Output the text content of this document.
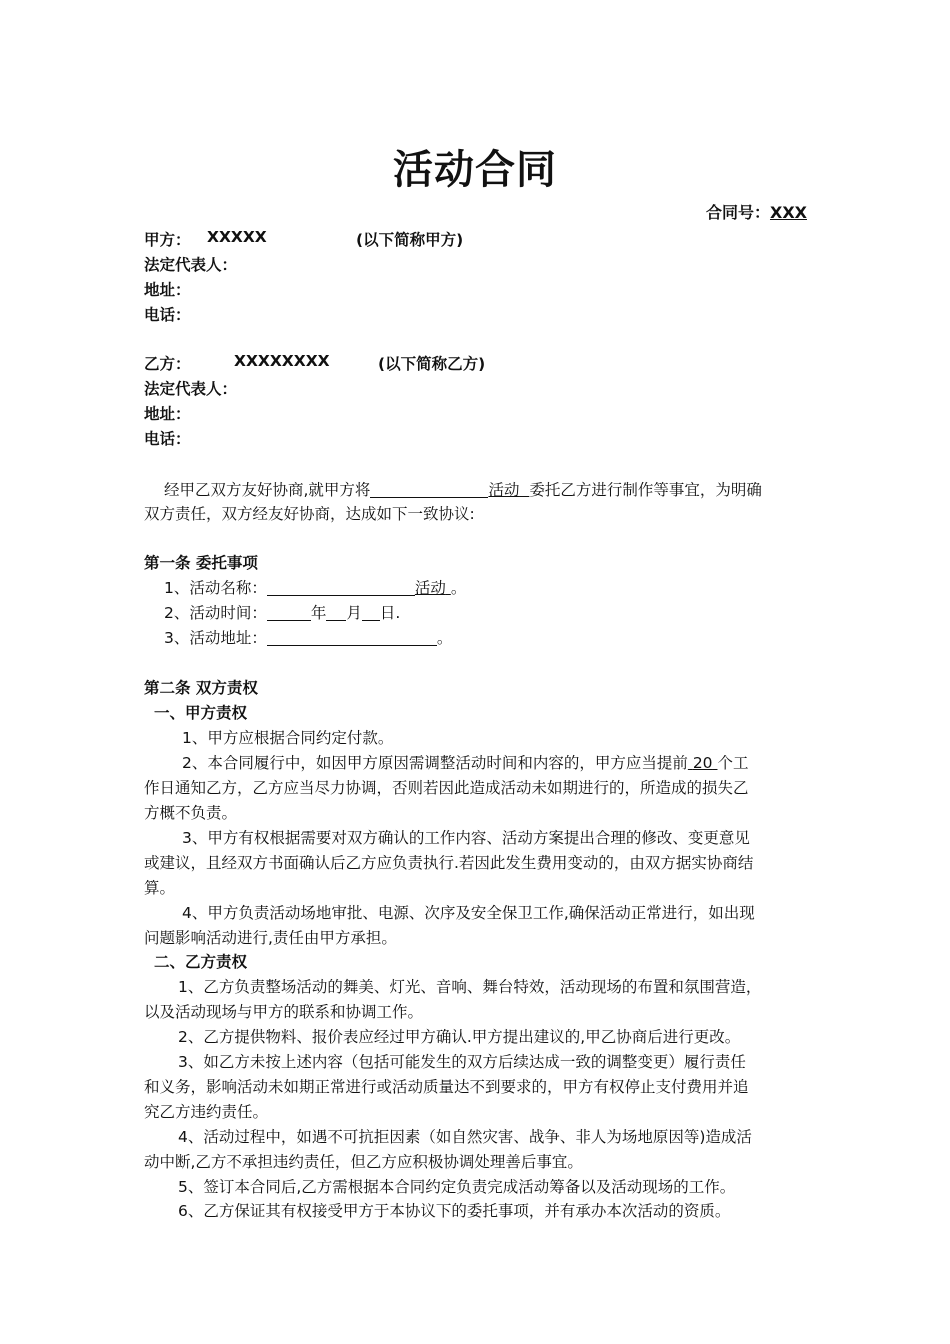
活动合同
合同号：XXX
甲方： XXXXX	(以下简称甲方)
法定代表人：
地址：
电话：
乙方：	XXXXXXXX	(以下简称乙方)
法定代表人：
地址：
电话：
经甲乙双方友好协商,就甲方将	活动 委托乙方进行制作等事宜，为明确
双方责任，双方经友好协商，达成如下一致协议:
第一条 委托事项
1、活动名称：	活动 。
2、活动时间：	年 月 日.
3、活动地址：	。
第二条 双方责权
一、甲方责权
1、甲方应根据合同约定付款。
2、本合同履行中，如因甲方原因需调整活动时间和内容的，甲方应当提前 20 个工
作日通知乙方，乙方应当尽力协调，否则若因此造成活动未如期进行的，所造成的损失乙
方概不负责。
3、甲方有权根据需要对双方确认的工作内容、活动方案提出合理的修改、变更意见
或建议，且经双方书面确认后乙方应负责执行.若因此发生费用变动的，由双方据实协商结
算。
4、甲方负责活动场地审批、电源、次序及安全保卫工作,确保活动正常进行，如出现
问题影响活动进行,责任由甲方承担。
二、乙方责权
1、乙方负责整场活动的舞美、灯光、音响、舞台特效，活动现场的布置和氛围营造，
以及活动现场与甲方的联系和协调工作。
2、乙方提供物料、报价表应经过甲方确认.甲方提出建议的,甲乙协商后进行更改。
3、如乙方未按上述内容（包括可能发生的双方后续达成一致的调整变更）履行责任
和义务，影响活动未如期正常进行或活动质量达不到要求的，甲方有权停止支付费用并追
究乙方违约责任。
4、活动过程中，如遇不可抗拒因素（如自然灾害、战争、非人为场地原因等)造成活
动中断,乙方不承担违约责任，但乙方应积极协调处理善后事宜。
5、签订本合同后,乙方需根据本合同约定负责完成活动筹备以及活动现场的工作。
6、乙方保证其有权接受甲方于本协议下的委托事项，并有承办本次活动的资质。
